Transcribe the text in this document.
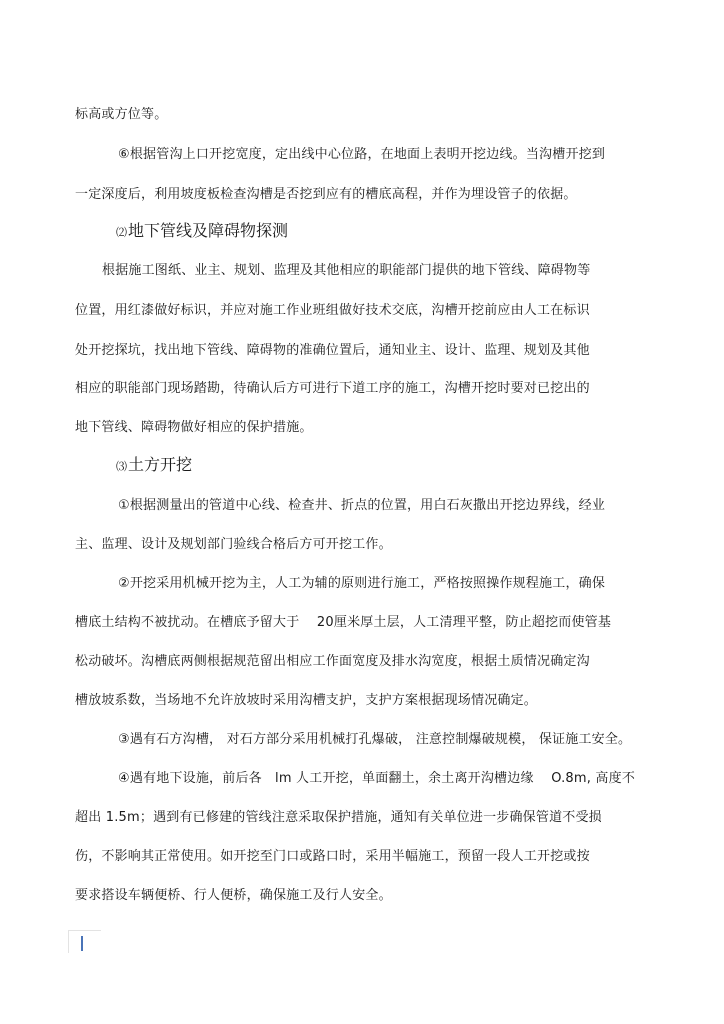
标高或方位等。
⑥根据管沟上口开挖宽度，定出线中心位路，在地面上表明开挖边线。当沟槽开挖到
一定深度后，利用坡度板检查沟槽是否挖到应有的槽底高程，并作为埋设管子的依据。
⑵地下管线及障碍物探测
根据施工图纸、业主、规划、监理及其他相应的职能部门提供的地下管线、障碍物等
位置，用红漆做好标识，并应对施工作业班组做好技术交底，沟槽开挖前应由人工在标识
处开挖探坑，找出地下管线、障碍物的准确位置后，通知业主、设计、监理、规划及其他
相应的职能部门现场踏勘，待确认后方可进行下道工序的施工，沟槽开挖时要对已挖出的
地下管线、障碍物做好相应的保护措施。
⑶土方开挖
①根据测量出的管道中心线、检查井、折点的位置，用白石灰撒出开挖边界线，经业
主、监理、设计及规划部门验线合格后方可开挖工作。
②开挖采用机械开挖为主，人工为辅的原则进行施工，严格按照操作规程施工，确保
槽底土结构不被扰动。在槽底予留大于　 20厘米厚土层，人工清理平整，防止超挖而使管基
松动破坏。沟槽底两侧根据规范留出相应工作面宽度及排水沟宽度，根据土质情况确定沟
槽放坡系数，当场地不允许放坡时采用沟槽支护，支护方案根据现场情况确定。
③遇有石方沟槽， 对石方部分采用机械打孔爆破， 注意控制爆破规模， 保证施工安全。
④遇有地下设施，前后各　lm 人工开挖，单面翻土，余土离开沟槽边缘　 O.8m, 高度不
超出 1.5m；遇到有已修建的管线注意采取保护措施，通知有关单位进一步确保管道不受损
伤，不影响其正常使用。如开挖至门口或路口时，采用半幅施工，预留一段人工开挖或按
要求搭设车辆便桥、行人便桥，确保施工及行人安全。
